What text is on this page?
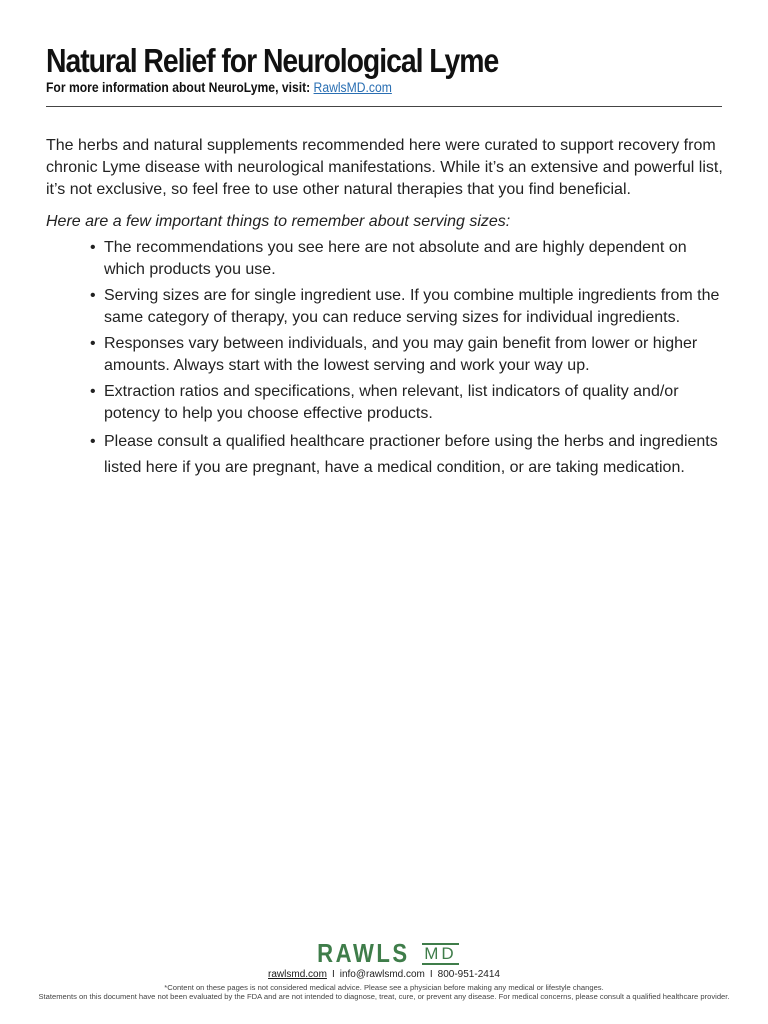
Natural Relief for Neurological Lyme
For more information about NeuroLyme, visit: RawlsMD.com

The herbs and natural supplements recommended here were curated to support recovery from chronic Lyme disease with neurological manifestations. While it’s an extensive and powerful list, it’s not exclusive, so feel free to use other natural therapies that you find beneficial.

Here are a few important things to remember about serving sizes:

• The recommendations you see here are not absolute and are highly dependent on which products you use.
• Serving sizes are for single ingredient use. If you combine multiple ingredients from the same category of therapy, you can reduce serving sizes for individual ingredients.
• Responses vary between individuals, and you may gain benefit from lower or higher amounts. Always start with the lowest serving and work your way up.
• Extraction ratios and specifications, when relevant, list indicators of quality and/or potency to help you choose effective products.
• Please consult a qualified healthcare practioner before using the herbs and ingredients listed here if you are pregnant, have a medical condition, or are taking medication.
RAWLS MD
rawlsmd.com I info@rawlsmd.com I 800-951-2414
*Content on these pages is not considered medical advice. Please see a physician before making any medical or lifestyle changes.
Statements on this document have not been evaluated by the FDA and are not intended to diagnose, treat, cure, or prevent any disease. For medical concerns, please consult a qualified healthcare provider.
